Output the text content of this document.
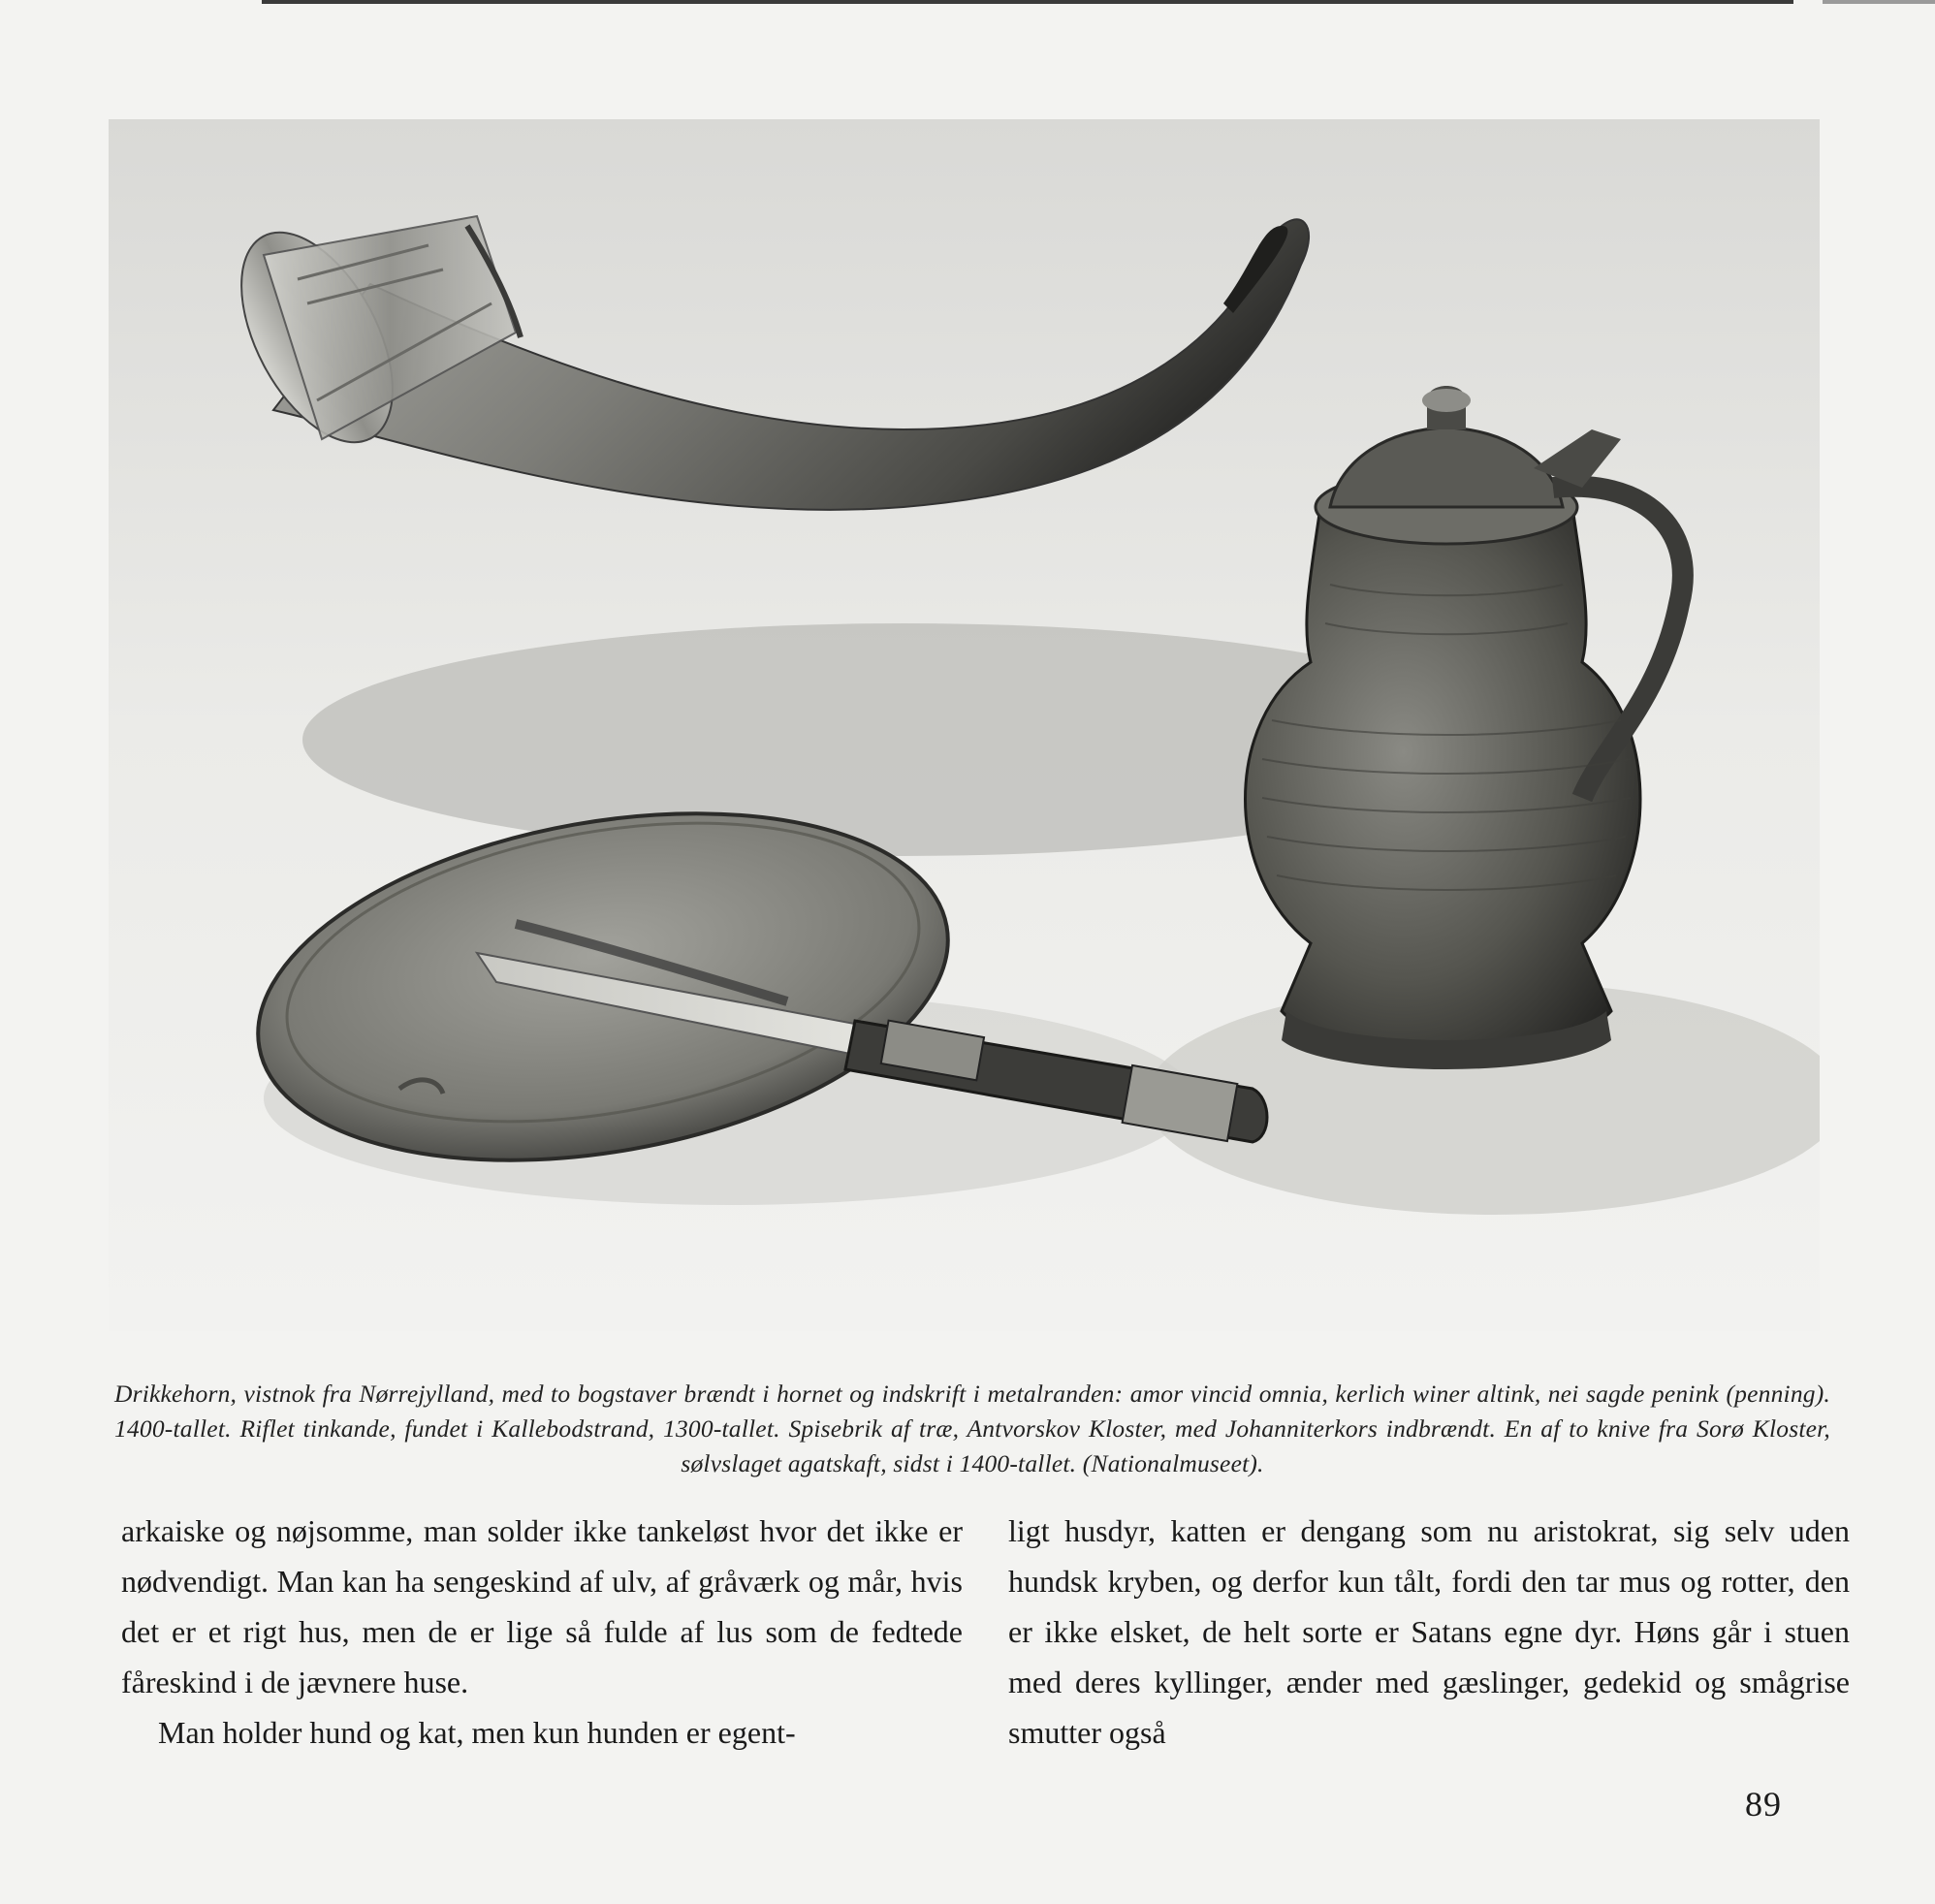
Drikkehorn, vistnok fra Nørrejylland, med to bogstaver brændt i hornet og indskrift i metalranden: amor vincid omnia, kerlich winer altink, nei sagde penink (penning). 1400-tallet. Riflet tinkande, fundet i Kallebodstrand, 1300-tallet. Spisebrik af træ, Antvorskov Kloster, med Johanniterkors indbrændt. En af to knive fra Sorø Kloster, sølvslaget agatskaft, sidst i 1400-tallet. (Nationalmuseet).

arkaiske og nøjsomme, man solder ikke tankeløst hvor det ikke er nødvendigt. Man kan ha sengeskind af ulv, af gråværk og mår, hvis det er et rigt hus, men de er lige så fulde af lus som de fedtede fåreskind i de jævnere huse.

Man holder hund og kat, men kun hunden er egent-

ligt husdyr, katten er dengang som nu aristokrat, sig selv uden hundsk kryben, og derfor kun tålt, fordi den tar mus og rotter, den er ikke elsket, de helt sorte er Satans egne dyr. Høns går i stuen med deres kyllinger, ænder med gæslinger, gedekid og smågrise smutter også

89
